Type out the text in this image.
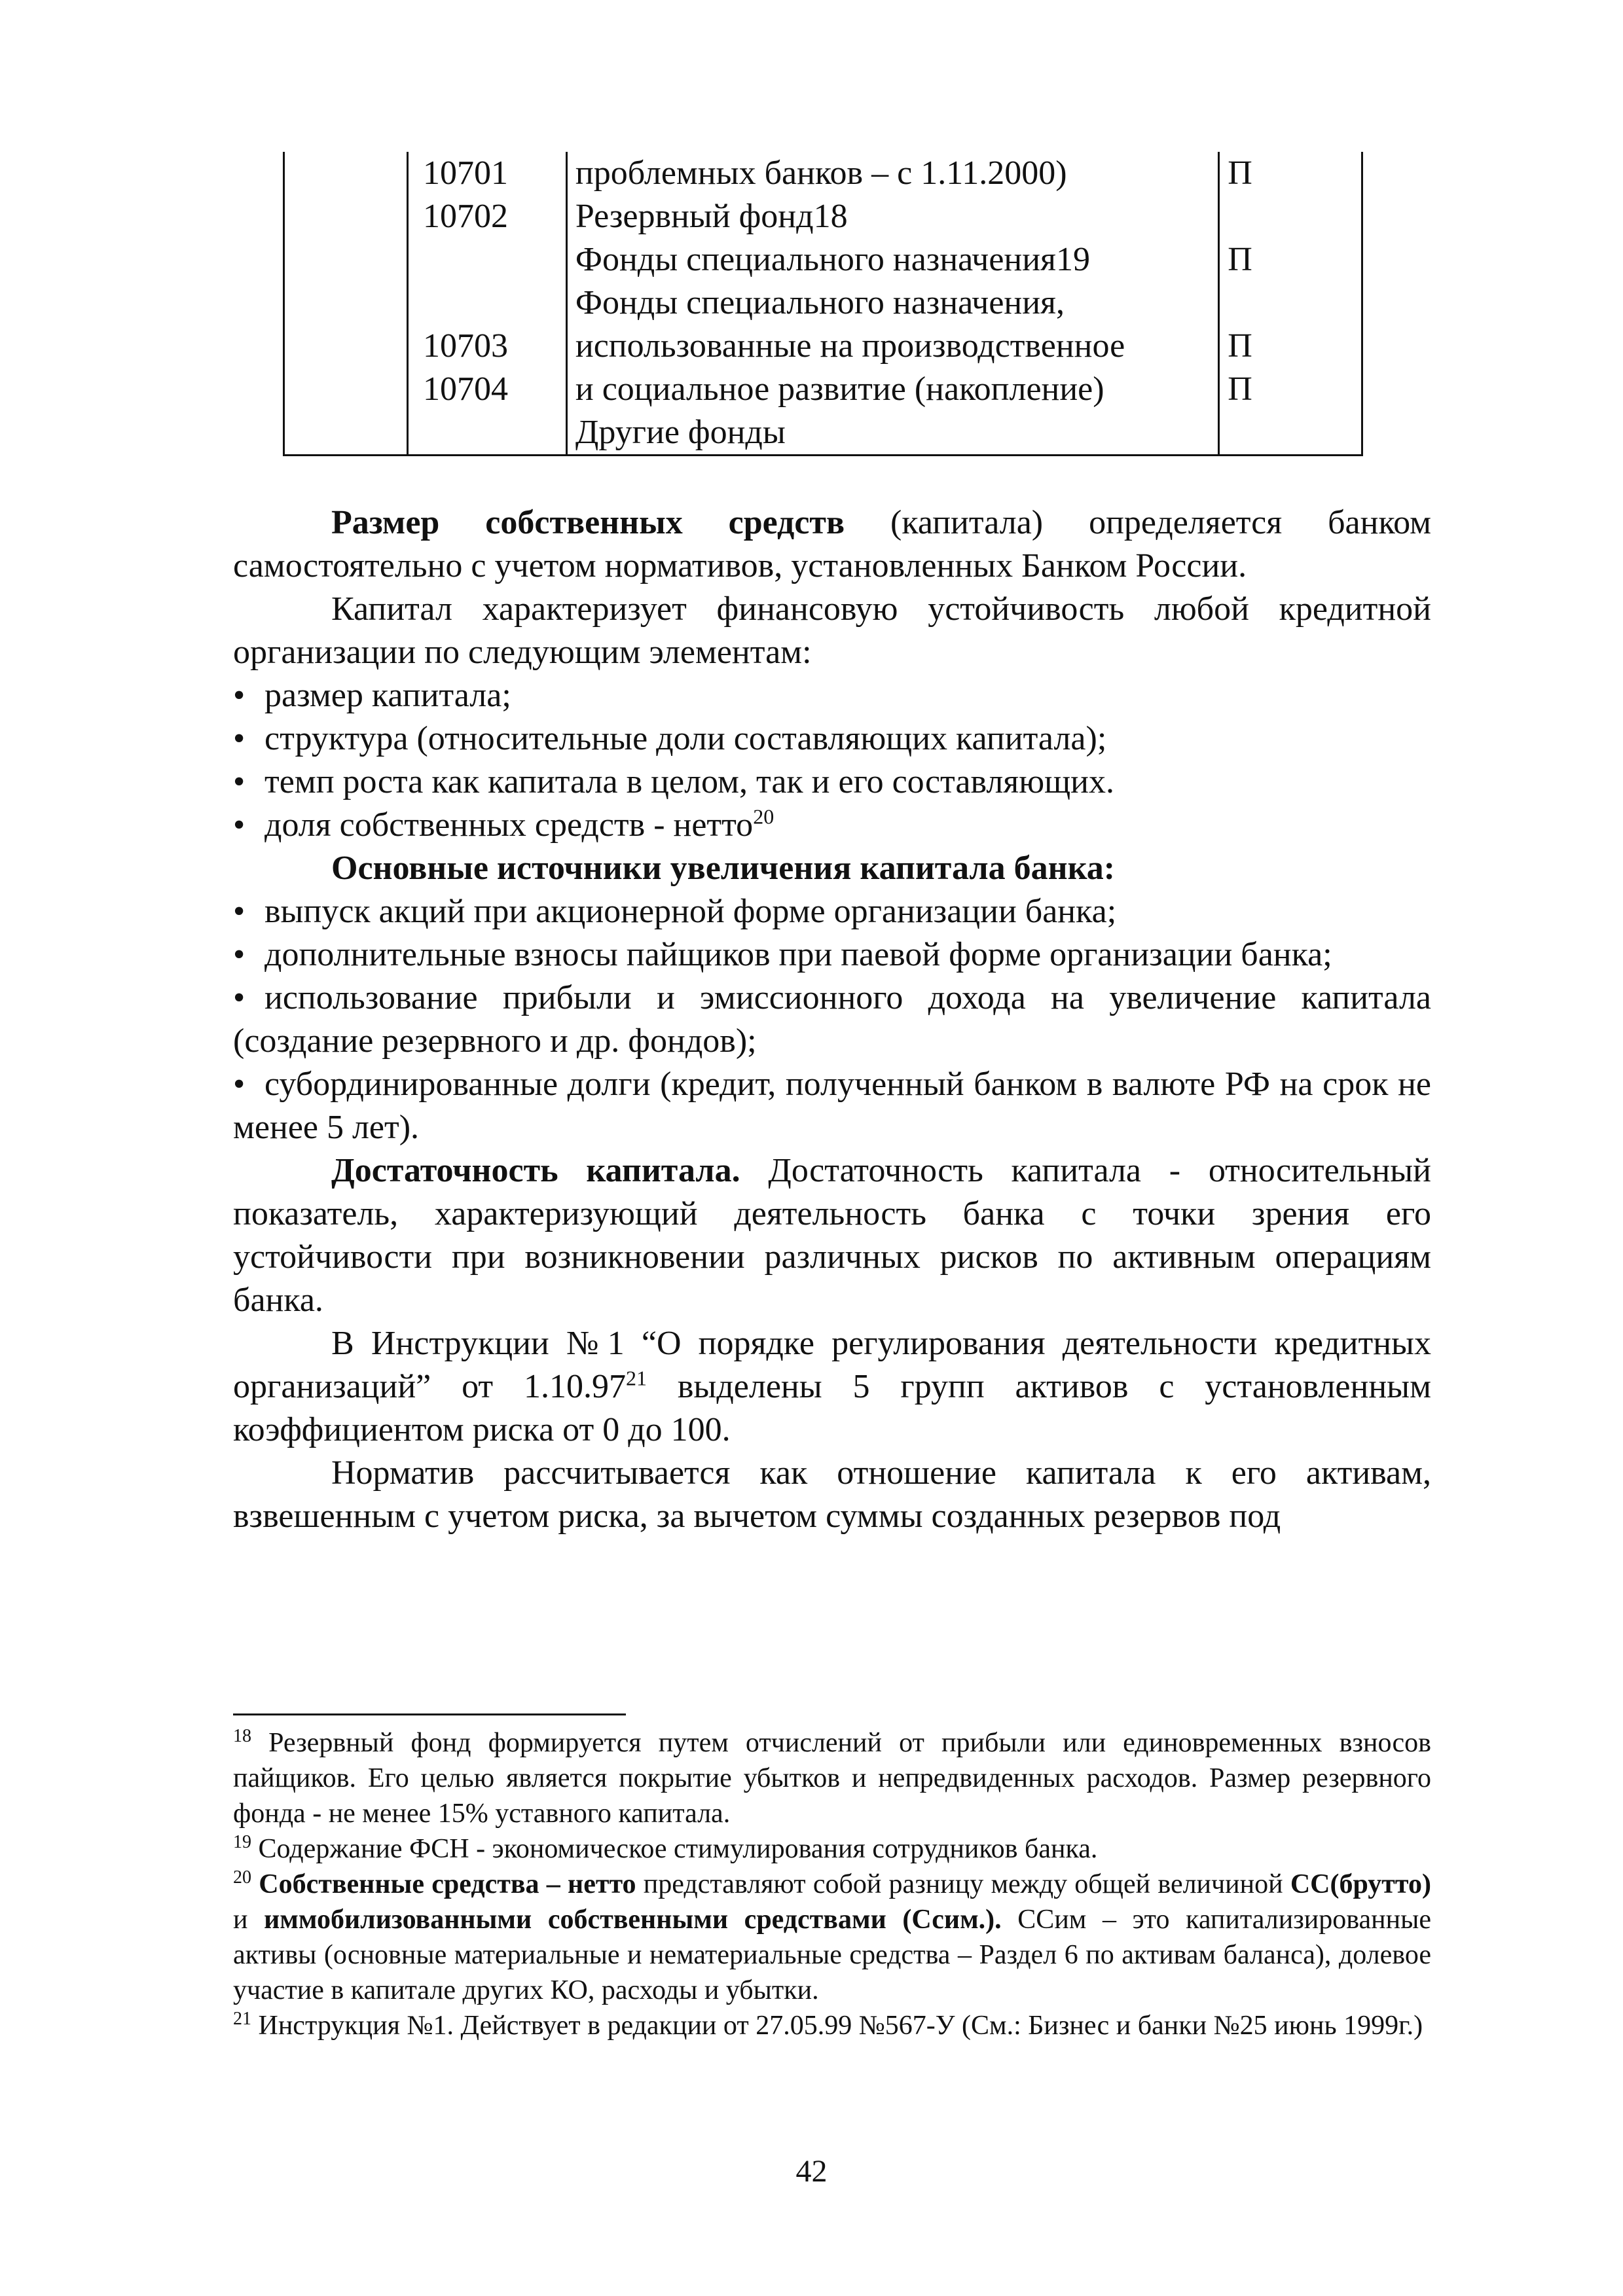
	10701	проблемных банков – с 1.11.2000)	П
	10702	Резервный фонд18	
		Фонды специального назначения19	П
		Фонды специального назначения,	
	10703	использованные на производственное	П
	10704	и социальное развитие (накопление)	П
		Другие фонды	

Размер собственных средств (капитала) определяется банком самостоятельно с учетом нормативов, установленных Банком России.

Капитал характеризует финансовую устойчивость любой кредитной организации по следующим элементам:

• размер капитала;

• структура (относительные доли составляющих капитала);

• темп роста как капитала в целом, так и его составляющих.

• доля собственных средств - нетто$^{20}$

Основные источники увеличения капитала банка:

• выпуск акций при акционерной форме организации банка;

• дополнительные взносы пайщиков при паевой форме организации банка;

• использование прибыли и эмиссионного дохода на увеличение капитала (создание резервного и др. фондов);

• субординированные долги (кредит, полученный банком в валюте РФ на срок не менее 5 лет).

Достаточность капитала. Достаточность капитала - относительный показатель, характеризующий деятельность банка с точки зрения его устойчивости при возникновении различных рисков по активным операциям банка.

В Инструкции №1 “О порядке регулирования деятельности кредитных организаций” от 1.10.97$^{21}$ выделены 5 групп активов с установленным коэффициентом риска от 0 до 100.

Норматив рассчитывается как отношение капитала к его активам, взвешенным с учетом риска, за вычетом суммы созданных резервов под

$^{18}$ Резервный фонд формируется путем отчислений от прибыли или единовременных взносов пайщиков. Его целью является покрытие убытков и непредвиденных расходов. Размер резервного фонда - не менее 15% уставного капитала.

$^{19}$ Содержание ФСН - экономическое стимулирования сотрудников банка.

$^{20}$ Собственные средства – нетто представляют собой разницу между общей величиной СС(брутто) и иммобилизованными собственными средствами (Ссим.). ССим – это капитализированные активы (основные материальные и нематериальные средства – Раздел 6 по активам баланса), долевое участие в капитале других КО, расходы и убытки.

$^{21}$ Инструкция №1. Действует в редакции от 27.05.99 №567-У (См.: Бизнес и банки №25 июнь 1999г.)

42
